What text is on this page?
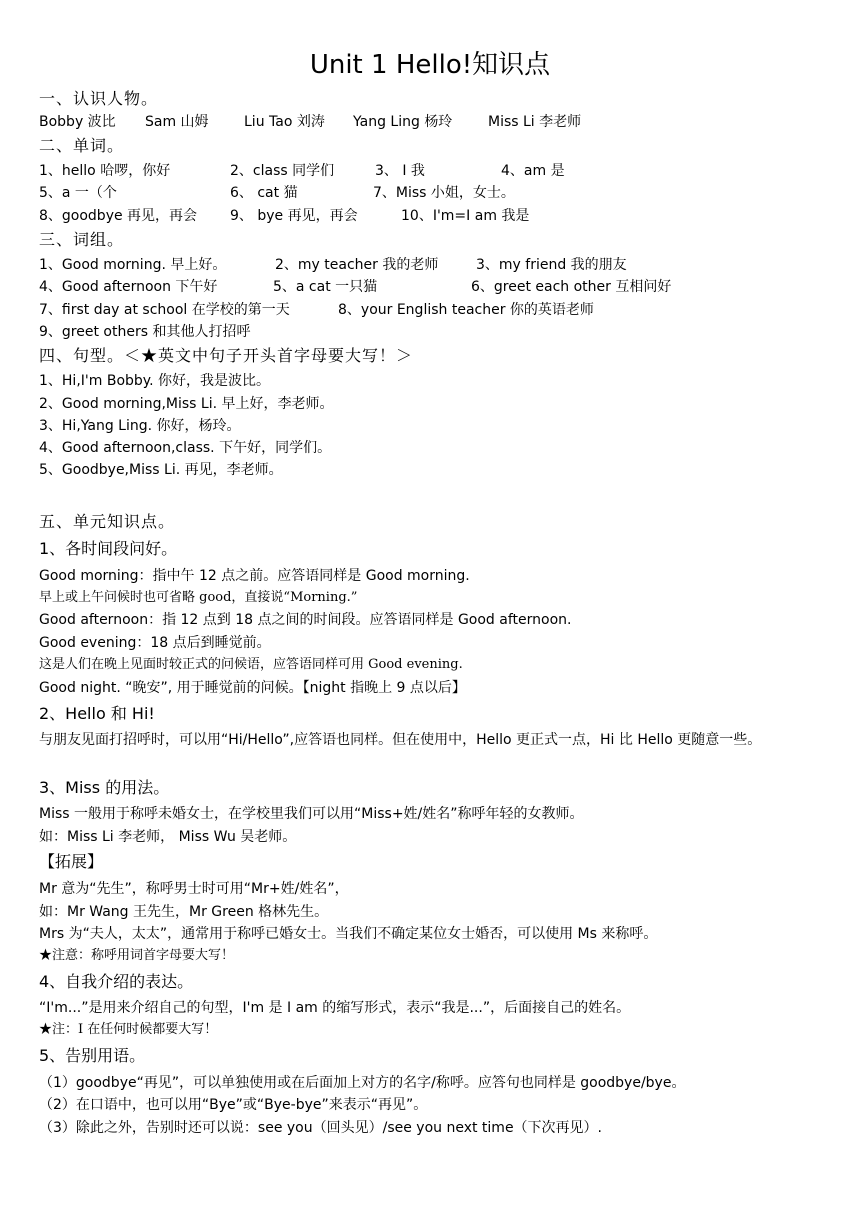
Unit 1 Hello!知识点
一、认识人物。
Bobby 波比 Sam 山姆	Liu Tao 刘涛 Yang Ling 杨玲	Miss Li 李老师
二、单词。
1、hello 哈啰，你好	2、class 同学们	3、 I 我	4、am 是
5、a 一（个	6、 cat 猫	7、Miss 小姐，女士。
8、goodbye 再见，再会 9、 bye 再见，再会	10、I'm=I am 我是
三、词组。
1、Good morning. 早上好。	2、my teacher 我的老师	3、my friend 我的朋友
4、Good afternoon 下午好	5、a cat 一只猫	6、greet each other 互相问好
7、first day at school 在学校的第一天	8、your English teacher 你的英语老师
9、greet others 和其他人打招呼
四、句型。＜★英文中句子开头首字母要大写！＞
1、Hi,I'm Bobby. 你好，我是波比。
2、Good morning,Miss Li. 早上好，李老师。
3、Hi,Yang Ling. 你好，杨玲。
4、Good afternoon,class. 下午好，同学们。
5、Goodbye,Miss Li. 再见，李老师。
五、单元知识点。
1、各时间段问好。
Good morning：指中午 12 点之前。应答语同样是 Good morning.
早上或上午问候时也可省略 good，直接说“Morning.”
Good afternoon：指 12 点到 18 点之间的时间段。应答语同样是 Good afternoon.
Good evening：18 点后到睡觉前。
这是人们在晚上见面时较正式的问候语，应答语同样可用 Good evening.
Good night. “晚安”, 用于睡觉前的问候。【night 指晚上 9 点以后】
2、Hello 和 Hi!
与朋友见面打招呼时，可以用“Hi/Hello”,应答语也同样。但在使用中，Hello 更正式一点，Hi 比 Hello 更随意一些。
3、Miss 的用法。
Miss 一般用于称呼未婚女士，在学校里我们可以用“Miss+姓/姓名”称呼年轻的女教师。
如：Miss Li 李老师， Miss Wu 吴老师。
【拓展】
Mr 意为“先生”，称呼男士时可用“Mr+姓/姓名”，
如：Mr Wang 王先生，Mr Green 格林先生。
Mrs 为“夫人，太太”，通常用于称呼已婚女士。当我们不确定某位女士婚否，可以使用 Ms 来称呼。
★注意：称呼用词首字母要大写！
4、自我介绍的表达。
“I'm...”是用来介绍自己的句型，I'm 是 I am 的缩写形式，表示“我是...”，后面接自己的姓名。
★注：I 在任何时候都要大写！
5、告别用语。
（1）goodbye“再见”，可以单独使用或在后面加上对方的名字/称呼。应答句也同样是 goodbye/bye。
（2）在口语中，也可以用“Bye”或“Bye-bye”来表示“再见”。
（3）除此之外，告别时还可以说：see you（回头见）/see you next time（下次再见）.
